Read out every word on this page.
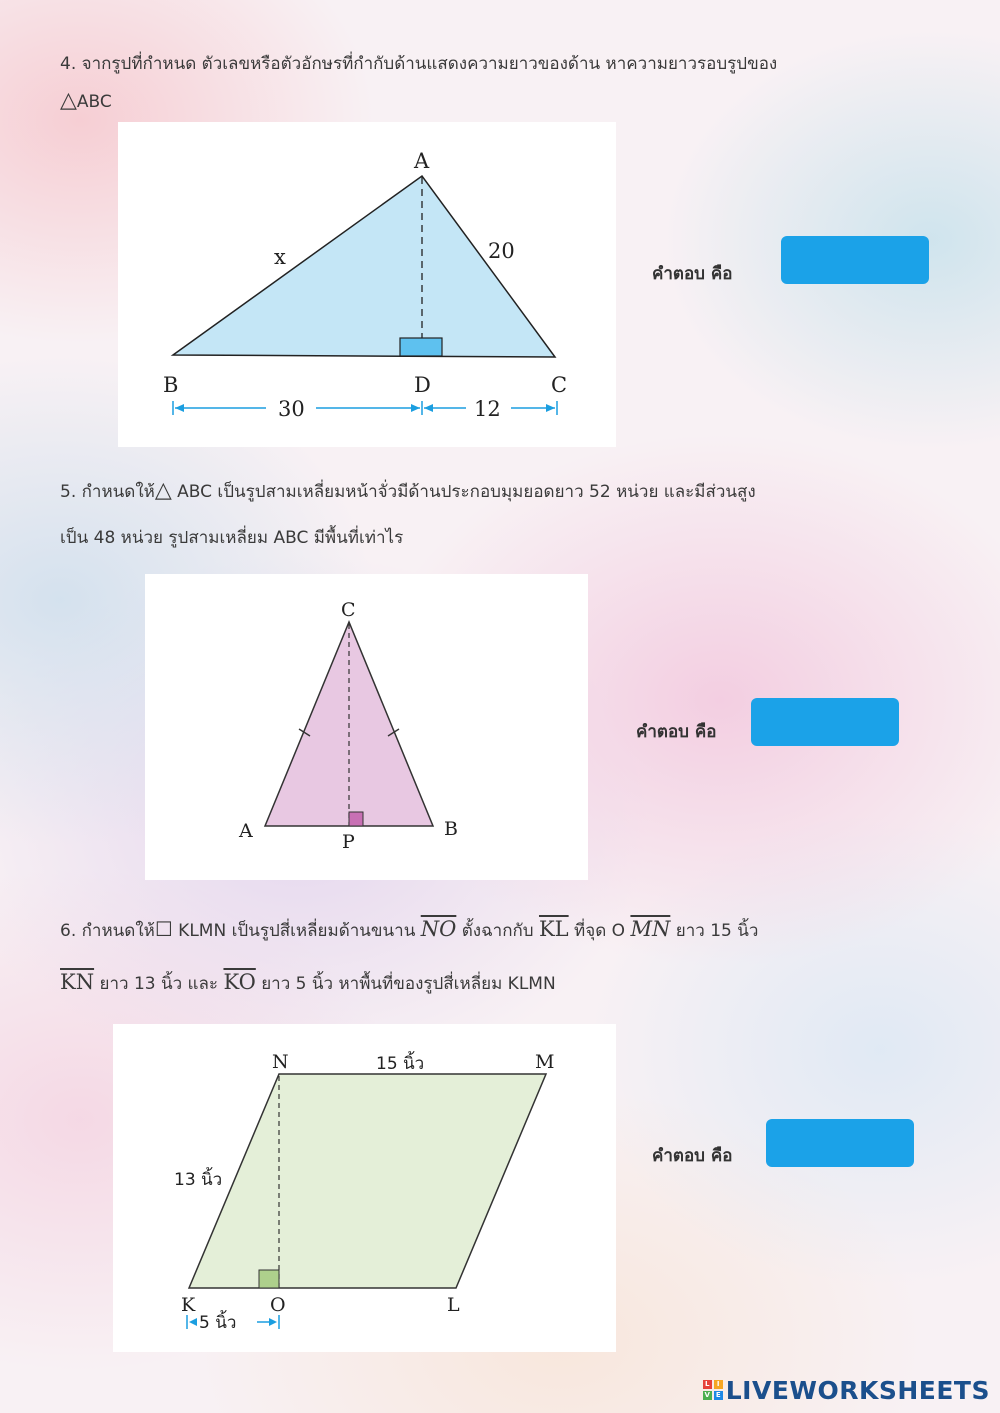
4. จากรูปที่กำหนด ตัวเลขหรือตัวอักษรที่กำกับด้านแสดงความยาวของด้าน หาความยาวรอบรูปของ
△ABC
A
B	D	C
x	20
30	12
คำตอบ คือ
5. กำหนดให้△ ABC เป็นรูปสามเหลี่ยมหน้าจั่วมีด้านประกอบมุมยอดยาว 52 หน่วย และมีส่วนสูง
เป็น 48 หน่วย รูปสามเหลี่ยม ABC มีพื้นที่เท่าไร
C
A	B
P
คำตอบ คือ
6. กำหนดให้☐ KLMN เป็นรูปสี่เหลี่ยมด้านขนาน $\overline{NO}$ ตั้งฉากกับ $\overline{KL}$ ที่จุด O $\overline{MN}$ ยาว 15 นิ้ว
$\overline{KN}$ ยาว 13 นิ้ว และ $\overline{KO}$ ยาว 5 นิ้ว หาพื้นที่ของรูปสี่เหลี่ยม KLMN
N	M
K	O	L
15 นิ้ว
13 นิ้ว
5 นิ้ว
คำตอบ คือ
L	I
V E LIVEWORKSHEETS
